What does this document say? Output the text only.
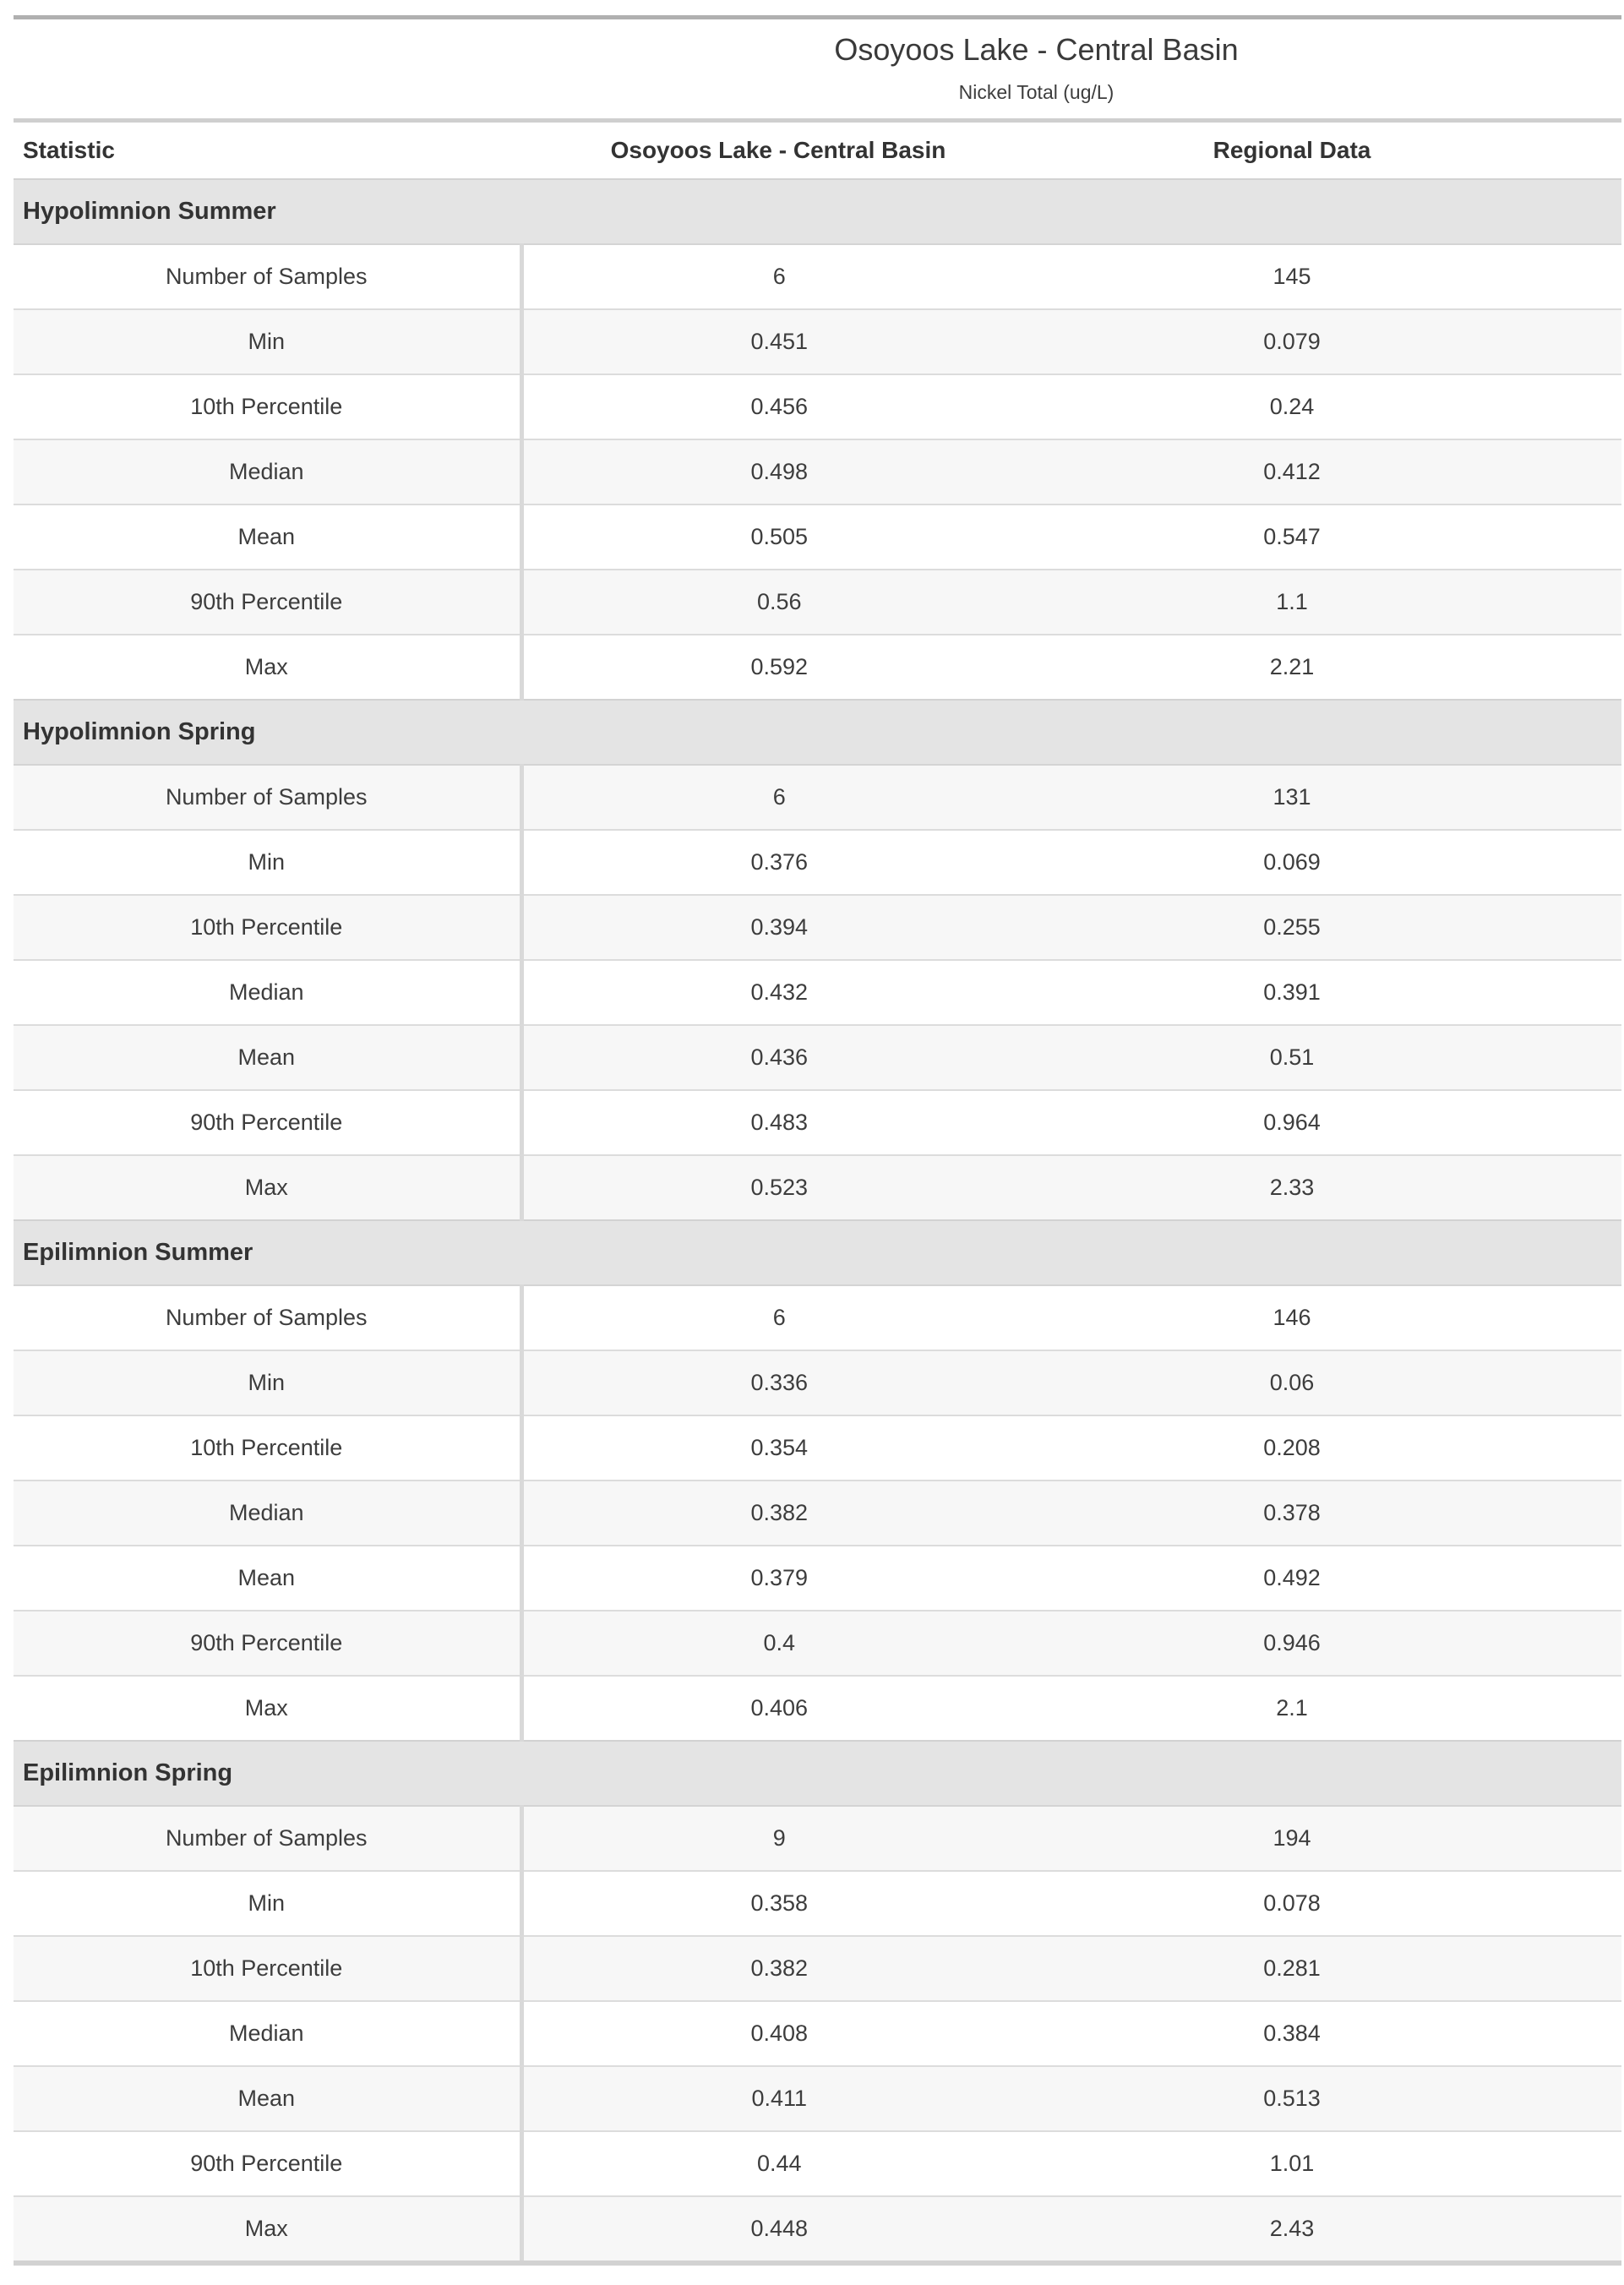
Osoyoos Lake - Central Basin
Nickel Total (ug/L)
Statistic	Osoyoos Lake - Central Basin	Regional Data	
Hypolimnion Summer			
Number of Samples	6	145	
Min	0.451	0.079	
10th Percentile	0.456	0.24	
Median	0.498	0.412	
Mean	0.505	0.547	
90th Percentile	0.56	1.1	
Max	0.592	2.21	
Hypolimnion Spring			
Number of Samples	6	131	
Min	0.376	0.069	
10th Percentile	0.394	0.255	
Median	0.432	0.391	
Mean	0.436	0.51	
90th Percentile	0.483	0.964	
Max	0.523	2.33	
Epilimnion Summer			
Number of Samples	6	146	
Min	0.336	0.06	
10th Percentile	0.354	0.208	
Median	0.382	0.378	
Mean	0.379	0.492	
90th Percentile	0.4	0.946	
Max	0.406	2.1	
Epilimnion Spring			
Number of Samples	9	194	
Min	0.358	0.078	
10th Percentile	0.382	0.281	
Median	0.408	0.384	
Mean	0.411	0.513	
90th Percentile	0.44	1.01	
Max	0.448	2.43	
